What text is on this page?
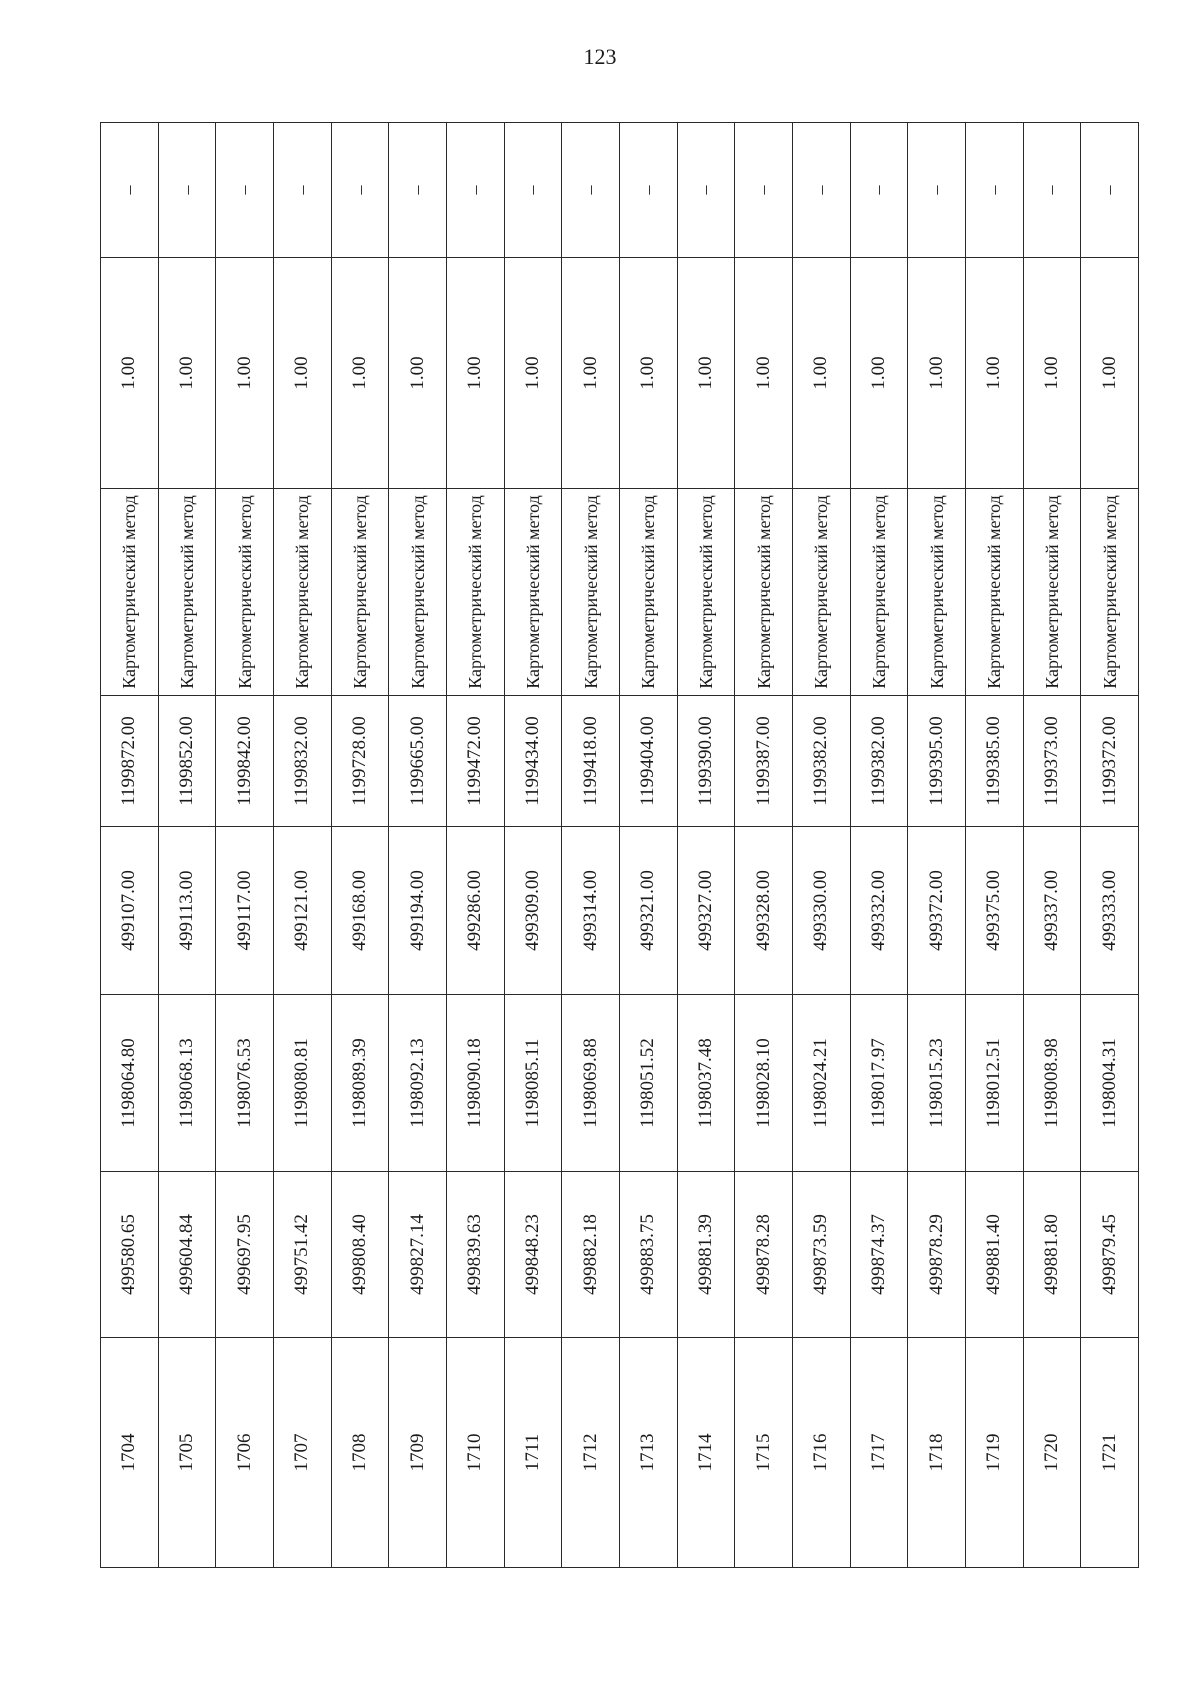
123
1704	499580.65	1198064.80	499107.00	1199872.00	Картометрический метод	1.00	–
1705	499604.84	1198068.13	499113.00	1199852.00	Картометрический метод	1.00	–
1706	499697.95	1198076.53	499117.00	1199842.00	Картометрический метод	1.00	–
1707	499751.42	1198080.81	499121.00	1199832.00	Картометрический метод	1.00	–
1708	499808.40	1198089.39	499168.00	1199728.00	Картометрический метод	1.00	–
1709	499827.14	1198092.13	499194.00	1199665.00	Картометрический метод	1.00	–
1710	499839.63	1198090.18	499286.00	1199472.00	Картометрический метод	1.00	–
1711	499848.23	1198085.11	499309.00	1199434.00	Картометрический метод	1.00	–
1712	499882.18	1198069.88	499314.00	1199418.00	Картометрический метод	1.00	–
1713	499883.75	1198051.52	499321.00	1199404.00	Картометрический метод	1.00	–
1714	499881.39	1198037.48	499327.00	1199390.00	Картометрический метод	1.00	–
1715	499878.28	1198028.10	499328.00	1199387.00	Картометрический метод	1.00	–
1716	499873.59	1198024.21	499330.00	1199382.00	Картометрический метод	1.00	–
1717	499874.37	1198017.97	499332.00	1199382.00	Картометрический метод	1.00	–
1718	499878.29	1198015.23	499372.00	1199395.00	Картометрический метод	1.00	–
1719	499881.40	1198012.51	499375.00	1199385.00	Картометрический метод	1.00	–
1720	499881.80	1198008.98	499337.00	1199373.00	Картометрический метод	1.00	–
1721	499879.45	1198004.31	499333.00	1199372.00	Картометрический метод	1.00	–
